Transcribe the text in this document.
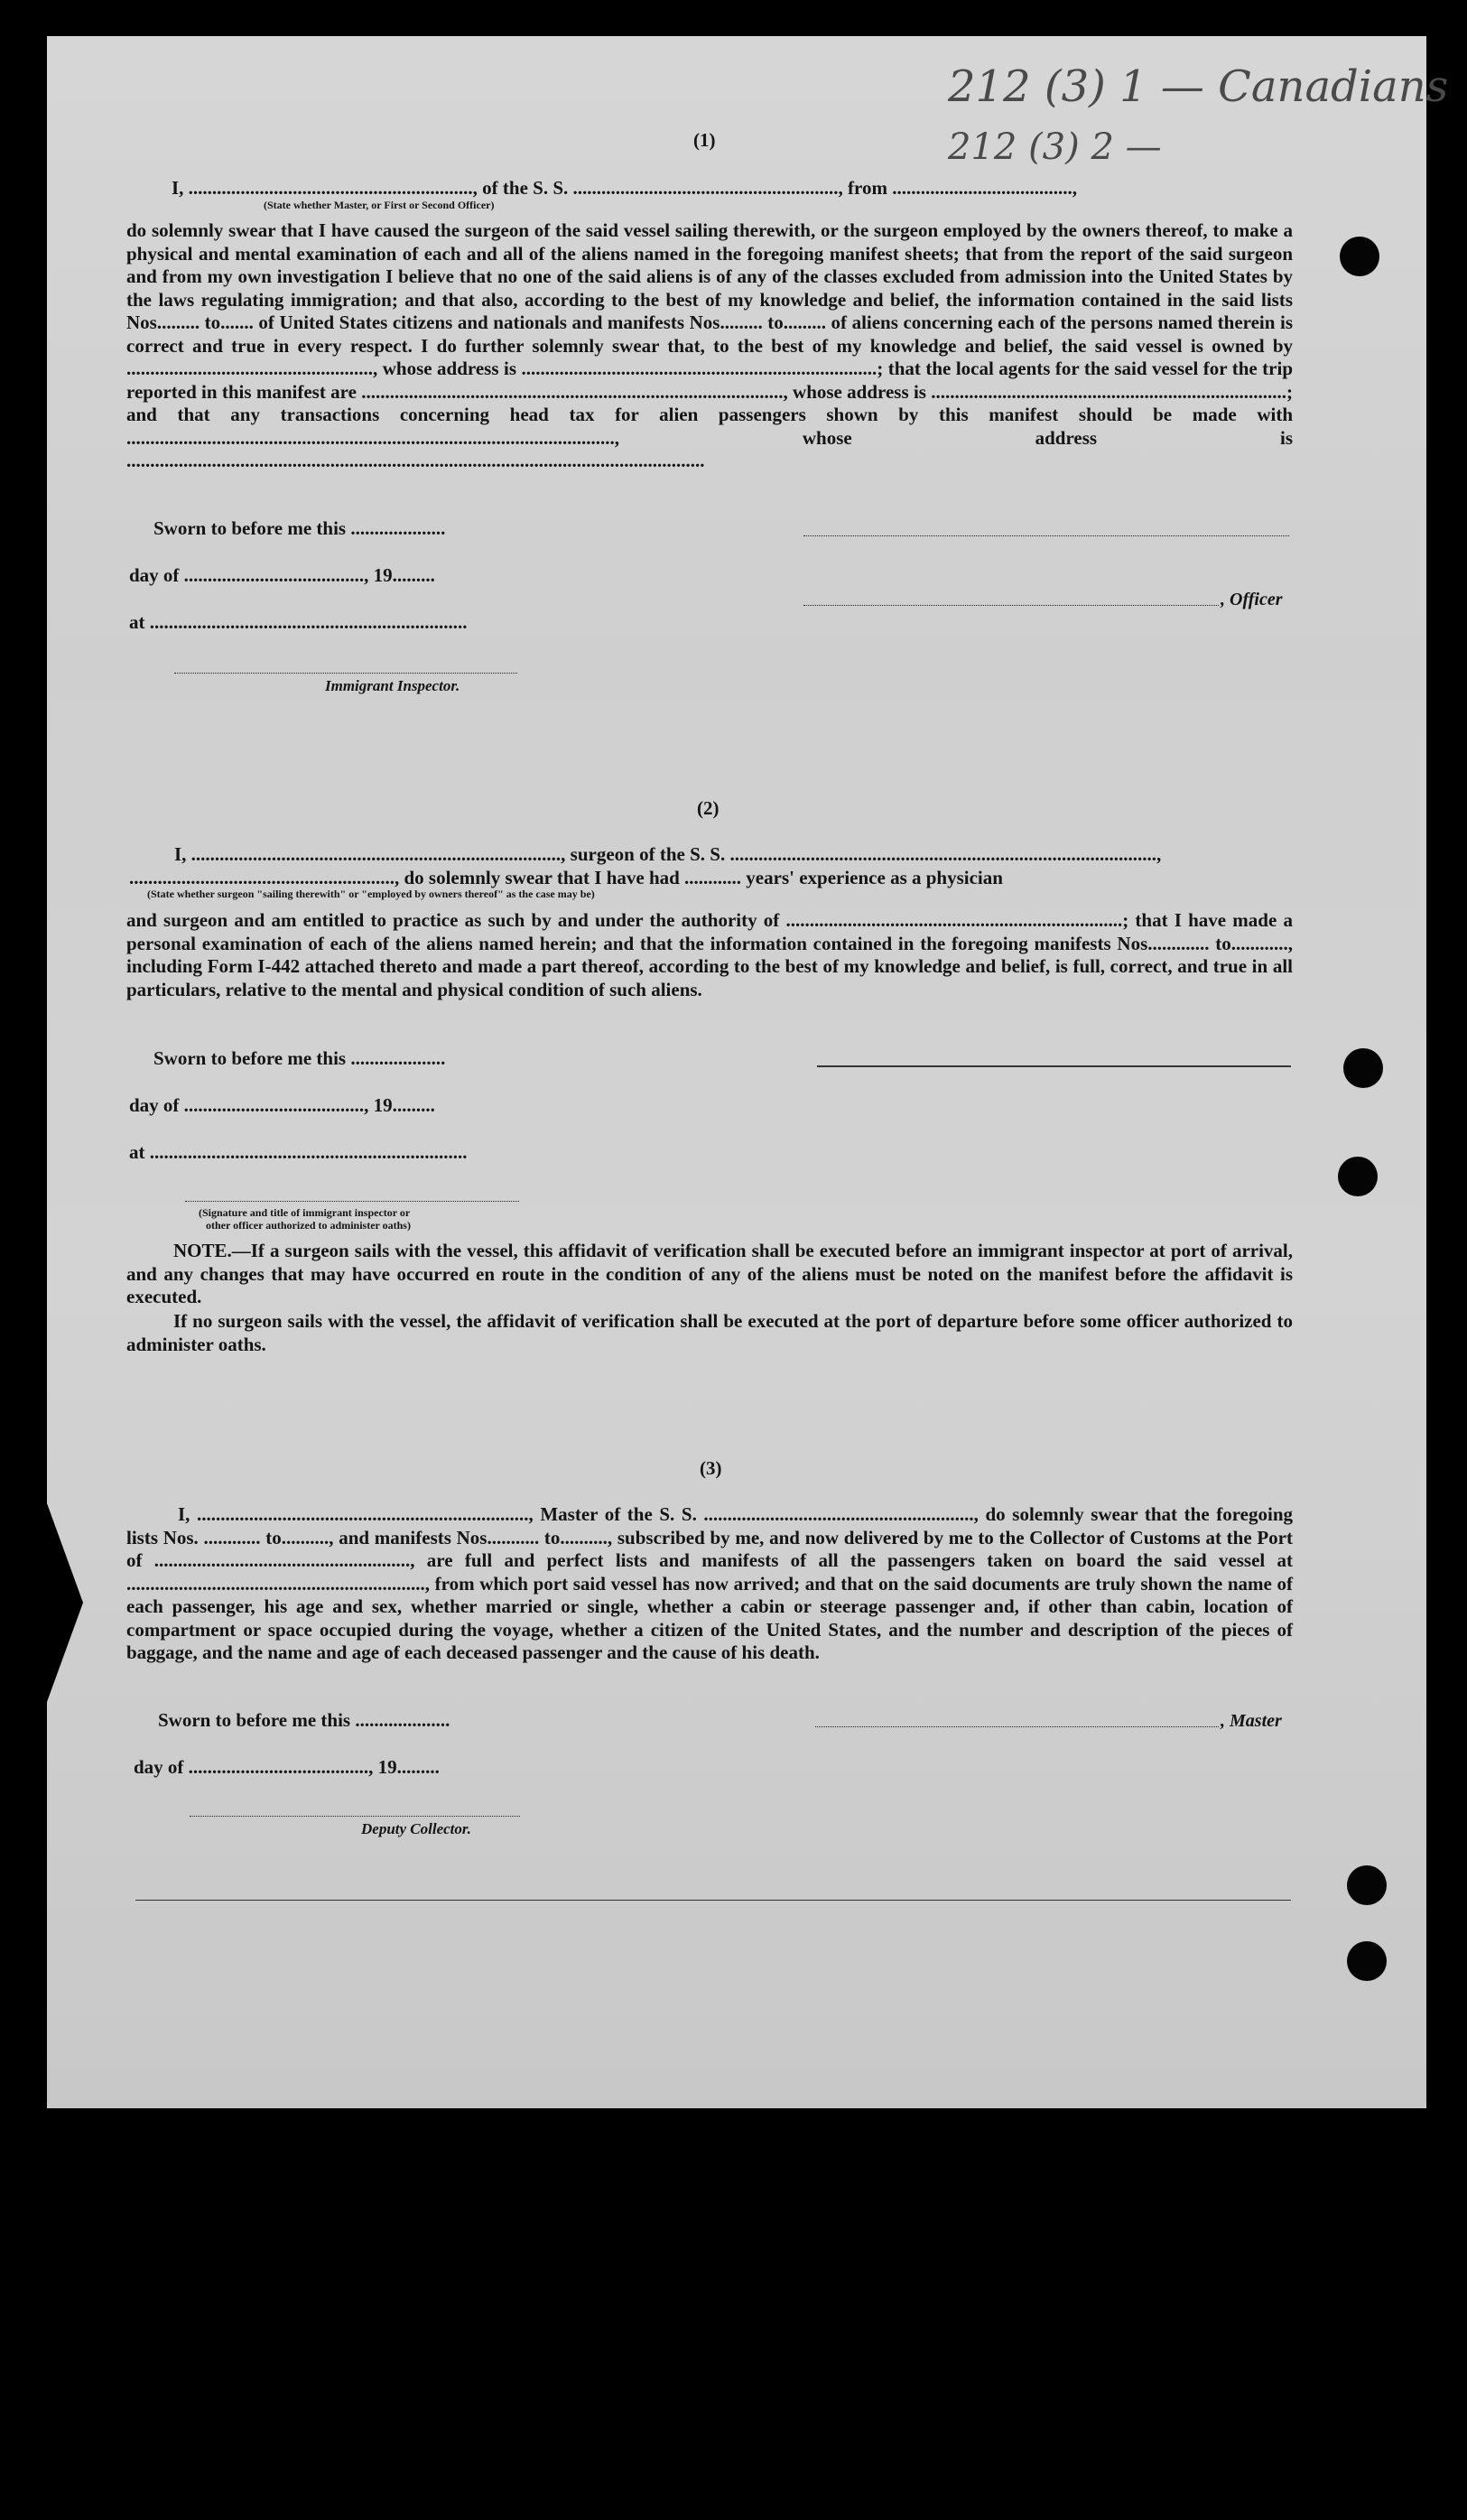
212 (3) 1 — Canadians
212 (3) 2 —
(1)
I, ............................................................, of the S. S. ........................................................, from ......................................,
(State whether Master, or First or Second Officer)

do solemnly swear that I have caused the surgeon of the said vessel sailing therewith, or the surgeon employed by the owners thereof, to make a physical and mental examination of each and all of the aliens named in the foregoing manifest sheets; that from the report of the said surgeon and from my own investigation I believe that no one of the said aliens is of any of the classes excluded from admission into the United States by the laws regulating immigration; and that also, according to the best of my knowledge and belief, the information contained in the said lists Nos......... to....... of United States citizens and nationals and manifests Nos......... to......... of aliens concerning each of the persons named therein is correct and true in every respect. I do further solemnly swear that, to the best of my knowledge and belief, the said vessel is owned by ...................................................., whose address is ...........................................................................; that the local agents for the said vessel for the trip reported in this manifest are ........................................................................................., whose address is ...........................................................................; and that any transactions concerning head tax for alien passengers shown by this manifest should be made with ......................................................................................................., whose address is ..........................................................................................................................

Sworn to before me this ....................
day of ......................................, 19.........
at ...................................................................
Immigrant Inspector.
, Officer
(2)
I, .............................................................................., surgeon of the S. S. ..........................................................................................,
........................................................, do solemnly swear that I have had ............ years' experience as a physician
(State whether surgeon "sailing therewith" or "employed by owners thereof" as the case may be)

and surgeon and am entitled to practice as such by and under the authority of .......................................................................; that I have made a personal examination of each of the aliens named herein; and that the information contained in the foregoing manifests Nos............. to............, including Form I-442 attached thereto and made a part thereof, according to the best of my knowledge and belief, is full, correct, and true in all particulars, relative to the mental and physical condition of such aliens.

Sworn to before me this ....................
day of ......................................, 19.........
at ...................................................................
(Signature and title of immigrant inspector or
other officer authorized to administer oaths)

NOTE.—If a surgeon sails with the vessel, this affidavit of verification shall be executed before an immigrant inspector at port of arrival, and any changes that may have occurred en route in the condition of any of the aliens must be noted on the manifest before the affidavit is executed.

If no surgeon sails with the vessel, the affidavit of verification shall be executed at the port of departure before some officer authorized to administer oaths.

(3)

I, ......................................................................, Master of the S. S. ........................................................., do solemnly swear that the foregoing lists Nos. ............ to.........., and manifests Nos........... to.........., subscribed by me, and now delivered by me to the Collector of Customs at the Port of ......................................................, are full and perfect lists and manifests of all the passengers taken on board the said vessel at ..............................................................., from which port said vessel has now arrived; and that on the said documents are truly shown the name of each passenger, his age and sex, whether married or single, whether a cabin or steerage passenger and, if other than cabin, location of compartment or space occupied during the voyage, whether a citizen of the United States, and the number and description of the pieces of baggage, and the name and age of each deceased passenger and the cause of his death.

Sworn to before me this ....................
day of ......................................, 19.........
, Master
Deputy Collector.
